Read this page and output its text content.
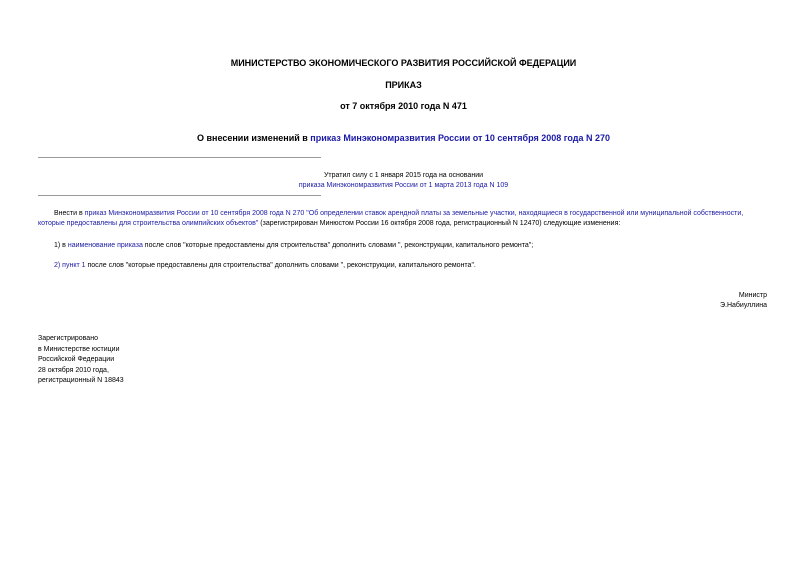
МИНИСТЕРСТВО ЭКОНОМИЧЕСКОГО РАЗВИТИЯ РОССИЙСКОЙ ФЕДЕРАЦИИ
ПРИКАЗ
от 7 октября 2010 года N 471
О внесении изменений в приказ Минэкономразвития России от 10 сентября 2008 года N 270
Утратил силу с 1 января 2015 года на основании
приказа Минэкономразвития России от 1 марта 2013 года N 109
Внести в приказ Минэкономразвития России от 10 сентября 2008 года N 270 "Об определении ставок арендной платы за земельные участки, находящиеся в государственной или муниципальной собственности, которые предоставлены для строительства олимпийских объектов" (зарегистрирован Минюстом России 16 октября 2008 года, регистрационный N 12470) следующие изменения:
1) в наименование приказа после слов "которые предоставлены для строительства" дополнить словами ", реконструкции, капитального ремонта";
2) пункт 1 после слов "которые предоставлены для строительства" дополнить словами ", реконструкции, капитального ремонта".
Министр
Э.Набиуллина
Зарегистрировано
в Министерстве юстиции
Российской Федерации
28 октября 2010 года,
регистрационный N 18843
